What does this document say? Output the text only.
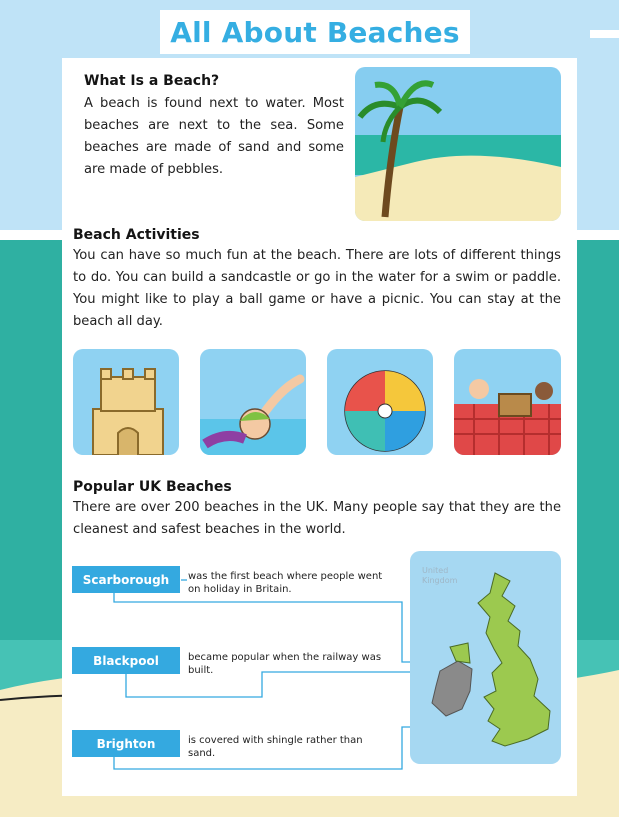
All About Beaches
What Is a Beach?
A beach is found next to water. Most beaches are next to the sea. Some beaches are made of sand and some are made of pebbles.
Beach Activities
You can have so much fun at the beach. There are lots of different things to do. You can build a sandcastle or go in the water for a swim or paddle. You might like to play a ball game or have a picnic. You can stay at the beach all day.
Popular UK Beaches
There are over 200 beaches in the UK. Many people say that they are the cleanest and safest beaches in the world.
Scarborough	was the first beach where people went on holiday in Britain.
Blackpool	became popular when the railway was built.
Brighton	is covered with shingle rather than sand.
United
Kingdom
